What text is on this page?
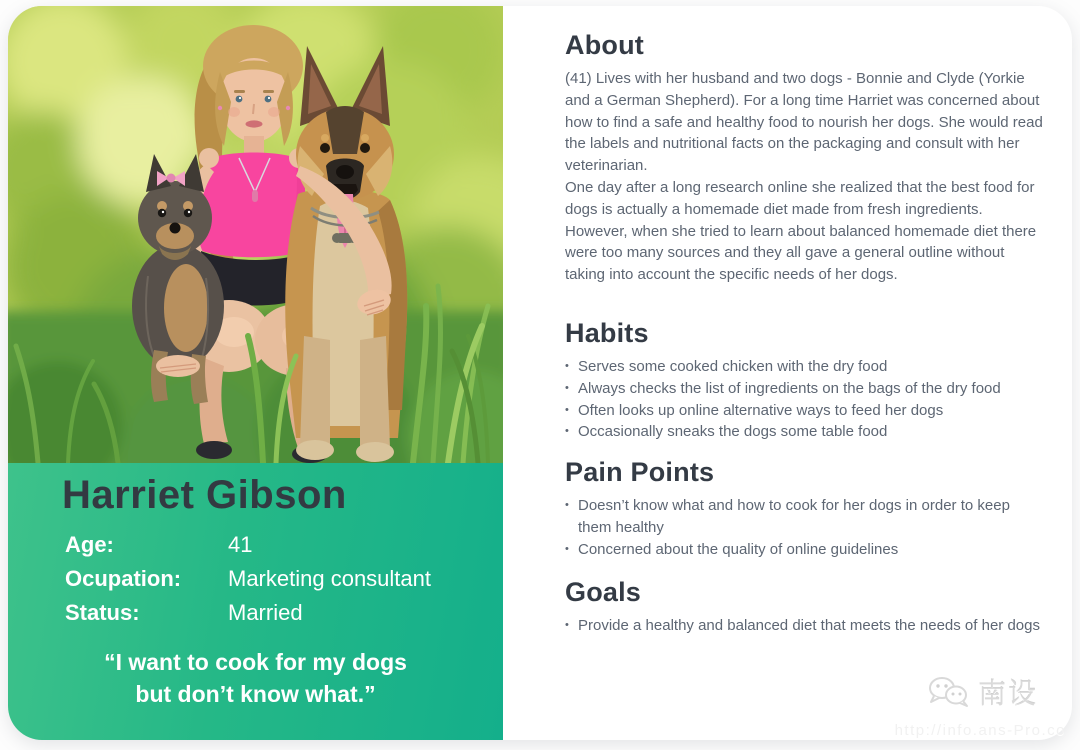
Harriet Gibson
Age:	41
Ocupation:	Marketing consultant
Status:	Married
“I want to cook for my dogs
but don’t know what.”
About

(41) Lives with her husband and two dogs - Bonnie and Clyde (Yorkie and a German Shepherd). For a long time Harriet was concerned about how to find a safe and healthy food to nourish her dogs. She would read the labels and nutritional facts on the packaging and consult with her veterinarian.

One day after a long research online she realized that the best food for dogs is actually a homemade diet made from fresh ingredients. However, when she tried to learn about balanced homemade diet there were too many sources and they all gave a general outline without taking into account the specific needs of her dogs.

Habits
• Serves some cooked chicken with the dry food
• Always checks the list of ingredients on the bags of the dry food
• Often looks up online alternative ways to feed her dogs
• Occasionally sneaks the dogs some table food
Pain Points
• Doesn’t know what and how to cook for her dogs in order to keep them healthy
• Concerned about the quality of online guidelines
Goals
• Provide a healthy and balanced diet that meets the needs of her dogs
南设
http://info.ans-Pro.co
